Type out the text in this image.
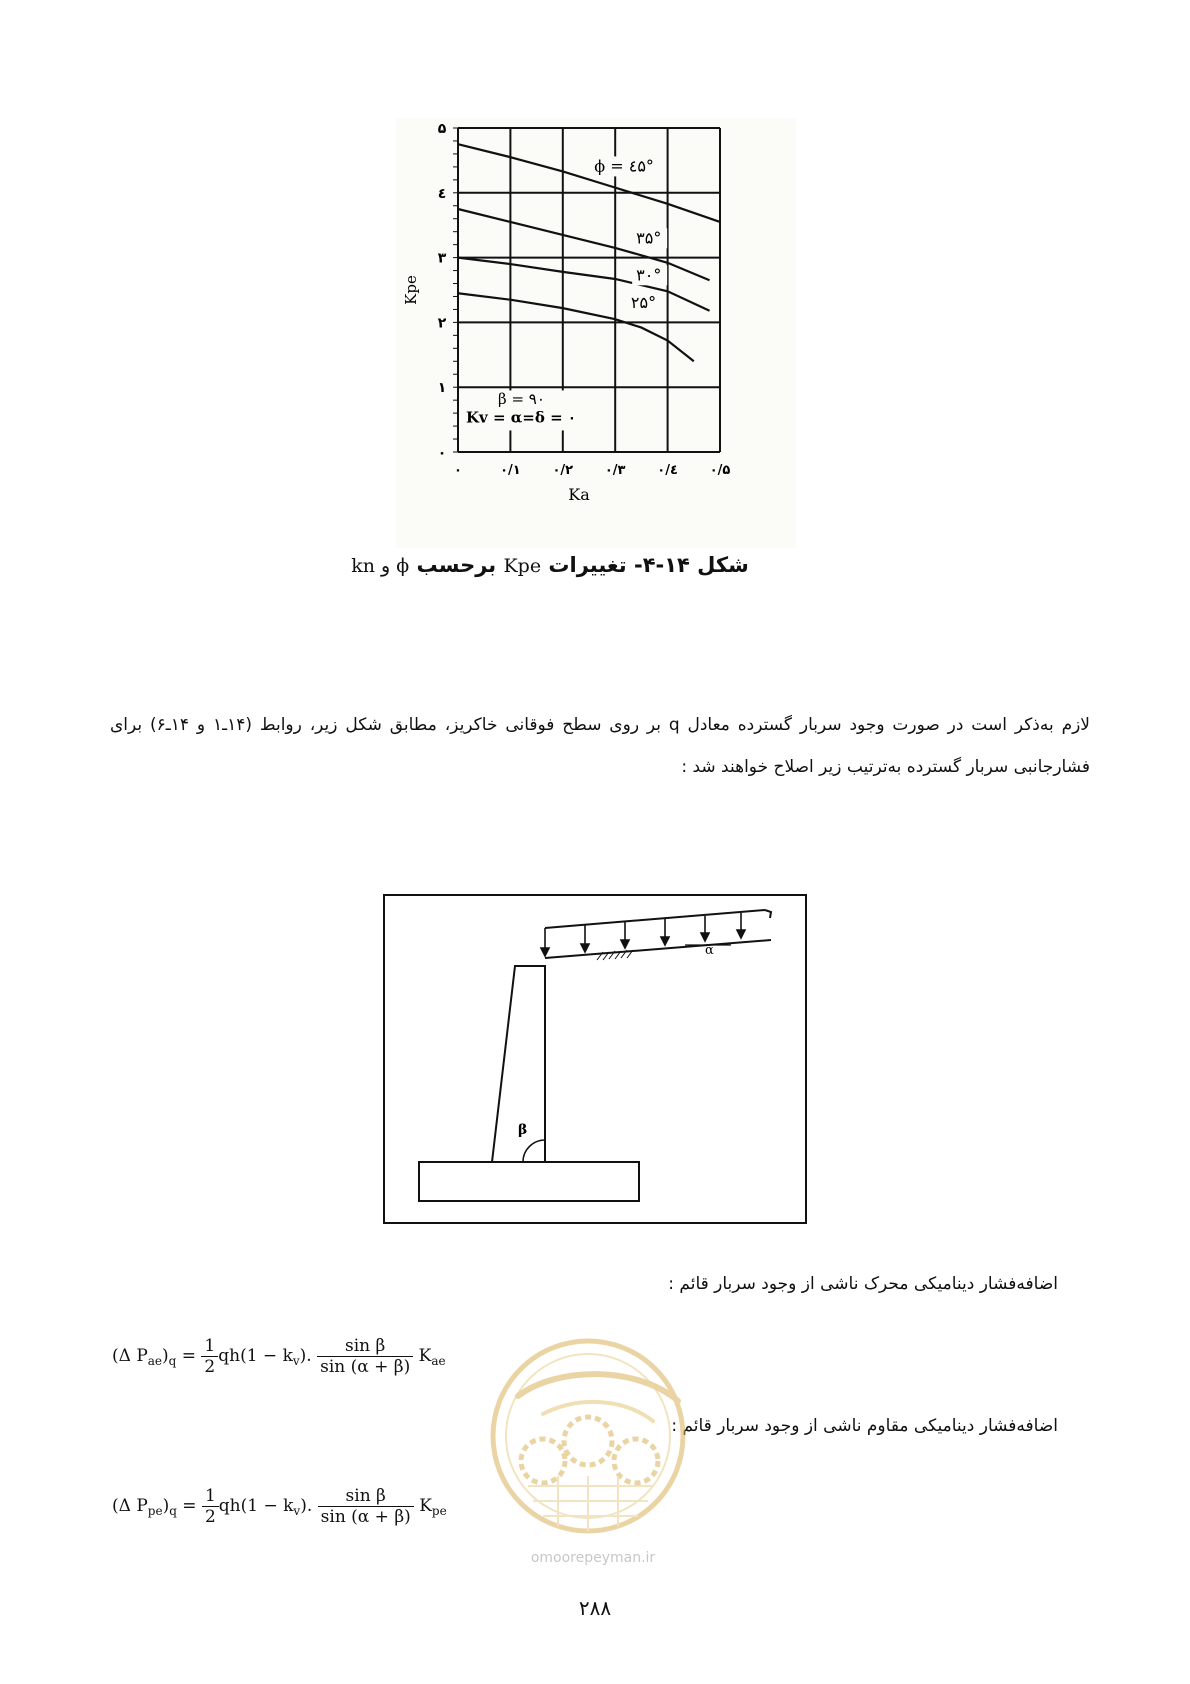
۰
۱
۲
۳
٤
۵
۰	۰/۱ ۰/۲ ۰/۳ ۰/٤ ۰/۵
Kpe
Ka
ϕ = ٤۵°
۳۵°
۳۰°
۲۵°
β = ۹۰
Kv = α=δ = ۰
شکل ۱۴-۴- تغییرات Kpe برحسب ϕ و kn
لازم به‌ذکر است در صورت وجود سربار گسترده معادل q بر روی سطح فوقانی خاکریز، مطابق شکل زیر، روابط (۱۴ـ۱ و ۱۴ـ۶) برای فشارجانبی سربار گسترده به‌ترتیب زیر اصلاح خواهند شد :
β
α
اضافه‌فشار دینامیکی محرک ناشی از وجود سربار قائم :
(Δ $P_{ae})_q = \frac{1}{2} qh(1 - k_v)$. $\frac{\text{sin β}}{\sin (\alpha + \beta)} K_{ae}$
اضافه‌فشار دینامیکی مقاوم ناشی از وجود سربار قائم :
(Δ $P_{pe})_q = \frac{1}{2} qh(1 - k_v)$. $\frac{\text{sin β}}{\sin (\alpha + \beta)} K_{pe}$
omoorepeyman.ir
۲۸۸
